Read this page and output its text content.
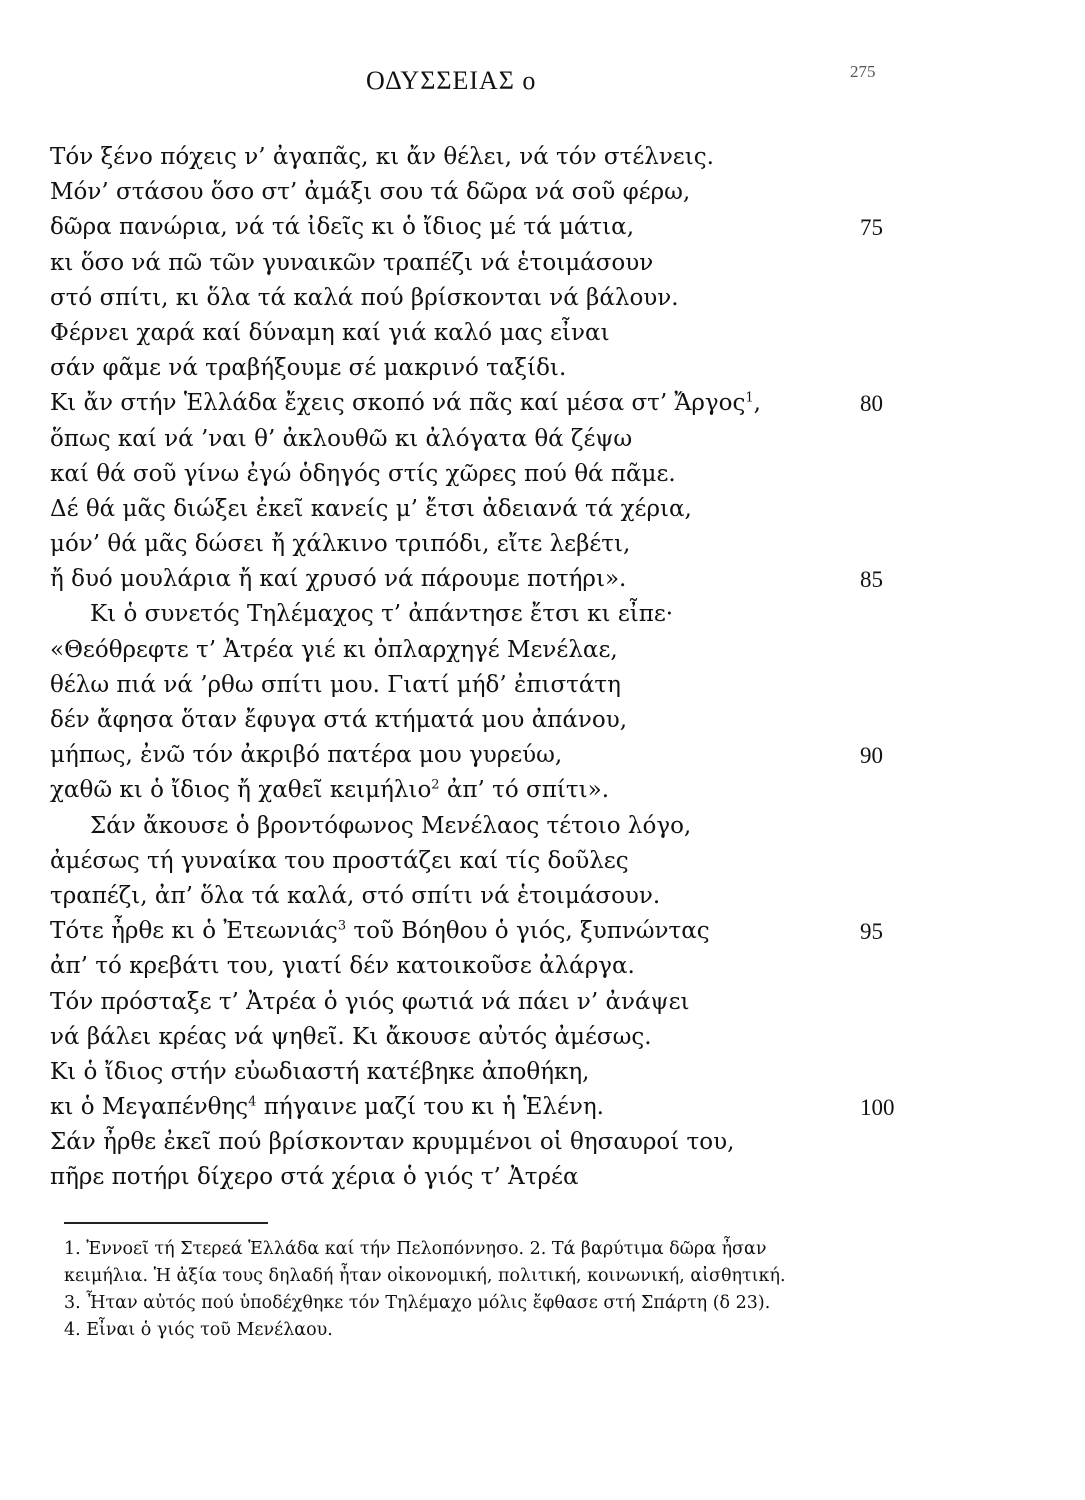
ΟΔΥΣΣΕΙΑΣ ο	275
Τόν ξένο πόχεις ν’ ἀγαπᾶς, κι ἄν θέλει, νά τόν στέλνεις.
Μόν’ στάσου ὅσο στ’ ἀμάξι σου τά δῶρα νά σοῦ φέρω,
δῶρα πανώρια, νά τά ἰδεῖς κι ὁ ἴδιος μέ τά μάτια,	75
κι ὅσο νά πῶ τῶν γυναικῶν τραπέζι νά ἑτοιμάσουν
στό σπίτι, κι ὅλα τά καλά πού βρίσκονται νά βάλουν.
Φέρνει χαρά καί δύναμη καί γιά καλό μας εἶναι
σάν φᾶμε νά τραβήξουμε σέ μακρινό ταξίδι.
Κι ἄν στήν Ἑλλάδα ἔχεις σκοπό νά πᾶς καί μέσα στ’ Ἄργος$^1$,	80
ὅπως καί νά ’ναι θ’ ἀκλουθῶ κι ἀλόγατα θά ζέψω
καί θά σοῦ γίνω ἐγώ ὁδηγός στίς χῶρες πού θά πᾶμε.
Δέ θά μᾶς διώξει ἐκεῖ κανείς μ’ ἔτσι ἀδειανά τά χέρια,
μόν’ θά μᾶς δώσει ἤ χάλκινο τριπόδι, εἴτε λεβέτι,
ἤ δυό μουλάρια ἤ καί χρυσό νά πάρουμε ποτήρι».	85
Κι ὁ συνετός Τηλέμαχος τ’ ἀπάντησε ἔτσι κι εἶπε·
«Θεόθρεφτε τ’ Ἀτρέα γιέ κι ὀπλαρχηγέ Μενέλαε,
θέλω πιά νά ’ρθω σπίτι μου. Γιατί μήδ’ ἐπιστάτη
δέν ἄφησα ὅταν ἔφυγα στά κτήματά μου ἀπάνου,
μήπως, ἐνῶ τόν ἀκριβό πατέρα μου γυρεύω,	90
χαθῶ κι ὁ ἴδιος ἤ χαθεῖ κειμήλιο$^2$ ἀπ’ τό σπίτι».
Σάν ἄκουσε ὁ βροντόφωνος Μενέλαος τέτοιο λόγο,
ἀμέσως τή γυναίκα του προστάζει καί τίς δοῦλες
τραπέζι, ἀπ’ ὅλα τά καλά, στό σπίτι νά ἑτοιμάσουν.
Τότε ἦρθε κι ὁ Ἐτεωνιάς$^3$ τοῦ Βόηθου ὁ γιός, ξυπνώντας	95
ἀπ’ τό κρεβάτι του, γιατί δέν κατοικοῦσε ἀλάργα.
Τόν πρόσταξε τ’ Ἀτρέα ὁ γιός φωτιά νά πάει ν’ ἀνάψει
νά βάλει κρέας νά ψηθεῖ. Κι ἄκουσε αὐτός ἀμέσως.
Κι ὁ ἴδιος στήν εὐωδιαστή κατέβηκε ἀποθήκη,
κι ὁ Μεγαπένθης$^4$ πήγαινε μαζί του κι ἡ Ἑλένη.	100
Σάν ἦρθε ἐκεῖ πού βρίσκονταν κρυμμένοι οἱ θησαυροί του,
πῆρε ποτήρι δίχερο στά χέρια ὁ γιός τ’ Ἀτρέα
1. Ἐννοεῖ τή Στερεά Ἑλλάδα καί τήν Πελοπόννησο. 2. Τά βαρύτιμα δῶρα ἦσαν
κειμήλια. Ἡ ἀξία τους δηλαδή ἦταν οἰκονομική, πολιτική, κοινωνική, αἰσθητική.
3. Ἦταν αὐτός πού ὑποδέχθηκε τόν Τηλέμαχο μόλις ἔφθασε στή Σπάρτη (δ 23).
4. Εἶναι ὁ γιός τοῦ Μενέλαου.
